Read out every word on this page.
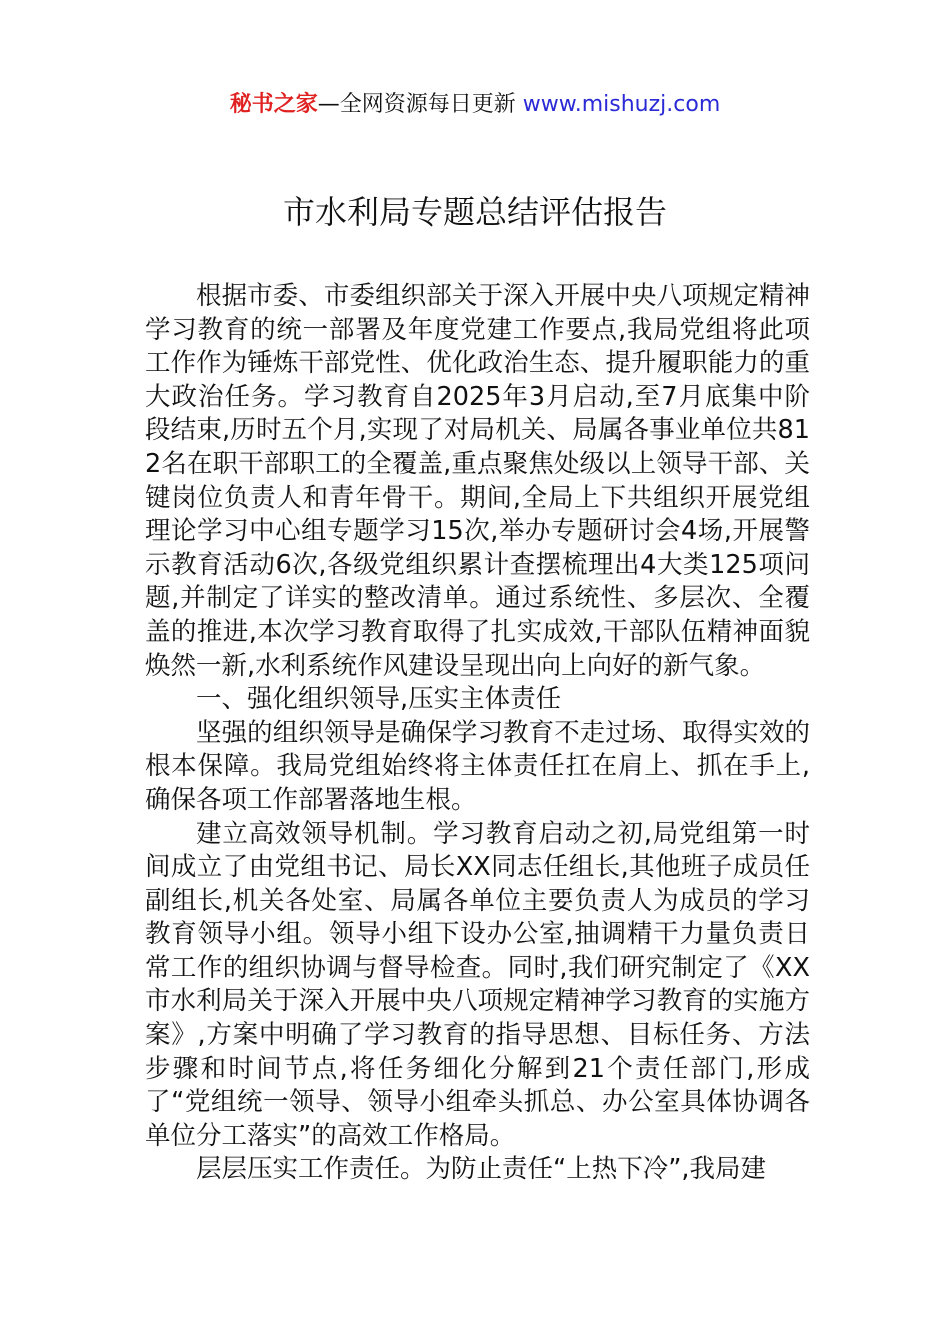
秘书之家—全网资源每日更新 www.mishuzj.com
市水利局专题总结评估报告

根据市委、市委组织部关于深入开展中央八项规定精神学习教育的统一部署及年度党建工作要点,我局党组将此项工作作为锤炼干部党性、优化政治生态、提升履职能力的重大政治任务。学习教育自2025年3月启动,至7月底集中阶段结束,历时五个月,实现了对局机关、局属各事业单位共812名在职干部职工的全覆盖,重点聚焦处级以上领导干部、关键岗位负责人和青年骨干。期间,全局上下共组织开展党组理论学习中心组专题学习15次,举办专题研讨会4场,开展警示教育活动6次,各级党组织累计查摆梳理出4大类125项问题,并制定了详实的整改清单。通过系统性、多层次、全覆盖的推进,本次学习教育取得了扎实成效,干部队伍精神面貌焕然一新,水利系统作风建设呈现出向上向好的新气象。

一、强化组织领导,压实主体责任

坚强的组织领导是确保学习教育不走过场、取得实效的根本保障。我局党组始终将主体责任扛在肩上、抓在手上,确保各项工作部署落地生根。

建立高效领导机制。学习教育启动之初,局党组第一时间成立了由党组书记、局长XX同志任组长,其他班子成员任副组长,机关各处室、局属各单位主要负责人为成员的学习教育领导小组。领导小组下设办公室,抽调精干力量负责日常工作的组织协调与督导检查。同时,我们研究制定了《XX市水利局关于深入开展中央八项规定精神学习教育的实施方案》,方案中明确了学习教育的指导思想、目标任务、方法步骤和时间节点,将任务细化分解到21个责任部门,形成了“党组统一领导、领导小组牵头抓总、办公室具体协调各单位分工落实”的高效工作格局。

层层压实工作责任。为防止责任“上热下冷”,我局建
